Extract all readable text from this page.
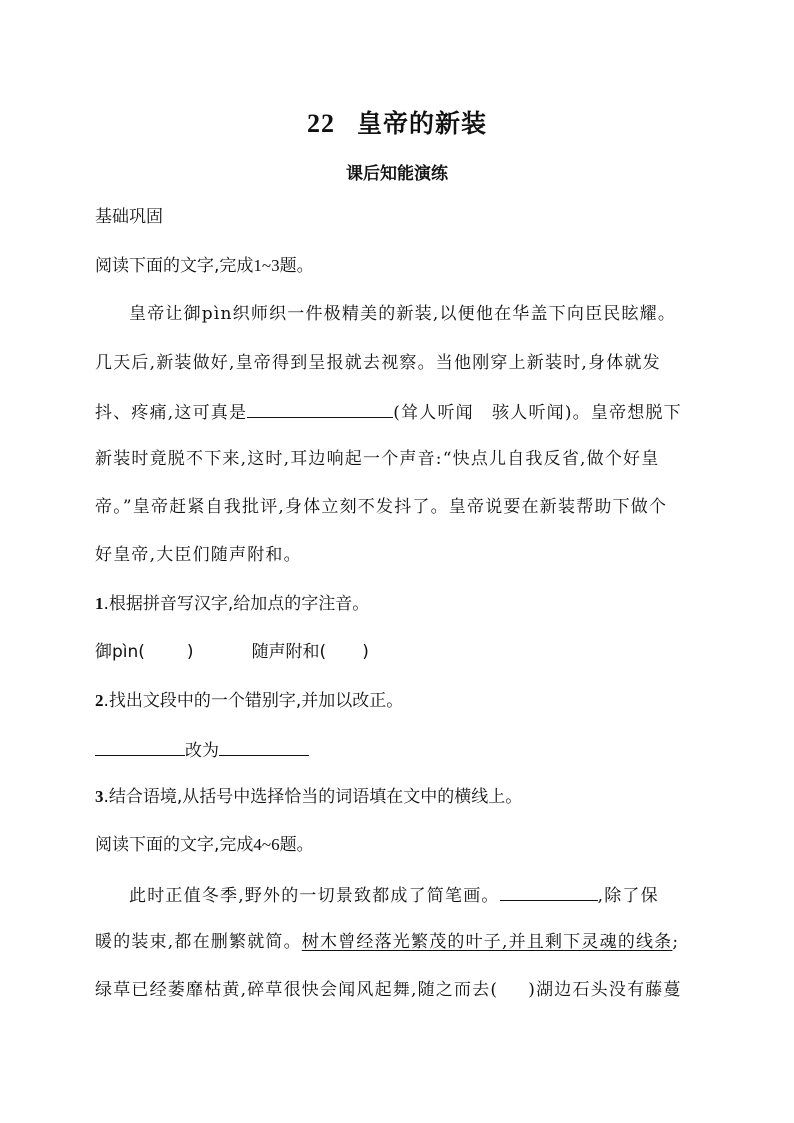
22 皇帝的新装
课后知能演练
基础巩固
阅读下面的文字,完成1~3题。
皇帝让御pìn织师织一件极精美的新装,以便他在华盖下向臣民眩耀。
几天后,新装做好,皇帝得到呈报就去视察。当他刚穿上新装时,身体就发
抖、疼痛,这可真是	(耸人听闻　骇人听闻)。皇帝想脱下
新装时竟脱不下来,这时,耳边响起一个声音:“快点儿自我反省,做个好皇
帝。”皇帝赶紧自我批评,身体立刻不发抖了。皇帝说要在新装帮助下做个
好皇帝,大臣们随声附和。
1.根据拼音写汉字,给加点的字注音。
御pìn( )	随声附和( )
2.找出文段中的一个错别字,并加以改正。
改为
3.结合语境,从括号中选择恰当的词语填在文中的横线上。
阅读下面的文字,完成4~6题。
此时正值冬季,野外的一切景致都成了简笔画。	,除了保
暖的装束,都在删繁就简。树木曾经落光繁茂的叶子,并且剩下灵魂的线条;
绿草已经萎靡枯黄,碎草很快会闻风起舞,随之而去( )湖边石头没有藤蔓
